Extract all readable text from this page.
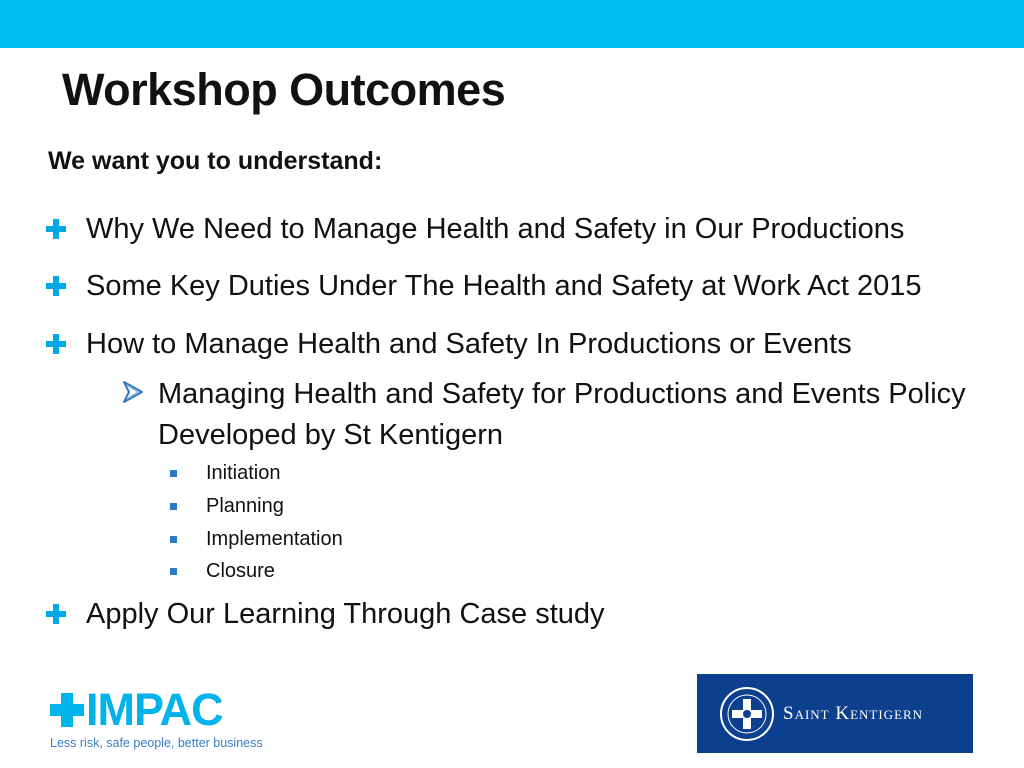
Workshop Outcomes
We want you to understand:
Why We Need to Manage Health and Safety in Our Productions
Some Key Duties Under The Health and Safety at Work Act 2015
How to Manage Health and Safety In Productions or Events
Managing Health and Safety for Productions and Events Policy Developed by St Kentigern
Initiation
Planning
Implementation
Closure
Apply Our Learning Through Case study
IMPAC
Less risk, safe people, better business
Saint Kentigern
